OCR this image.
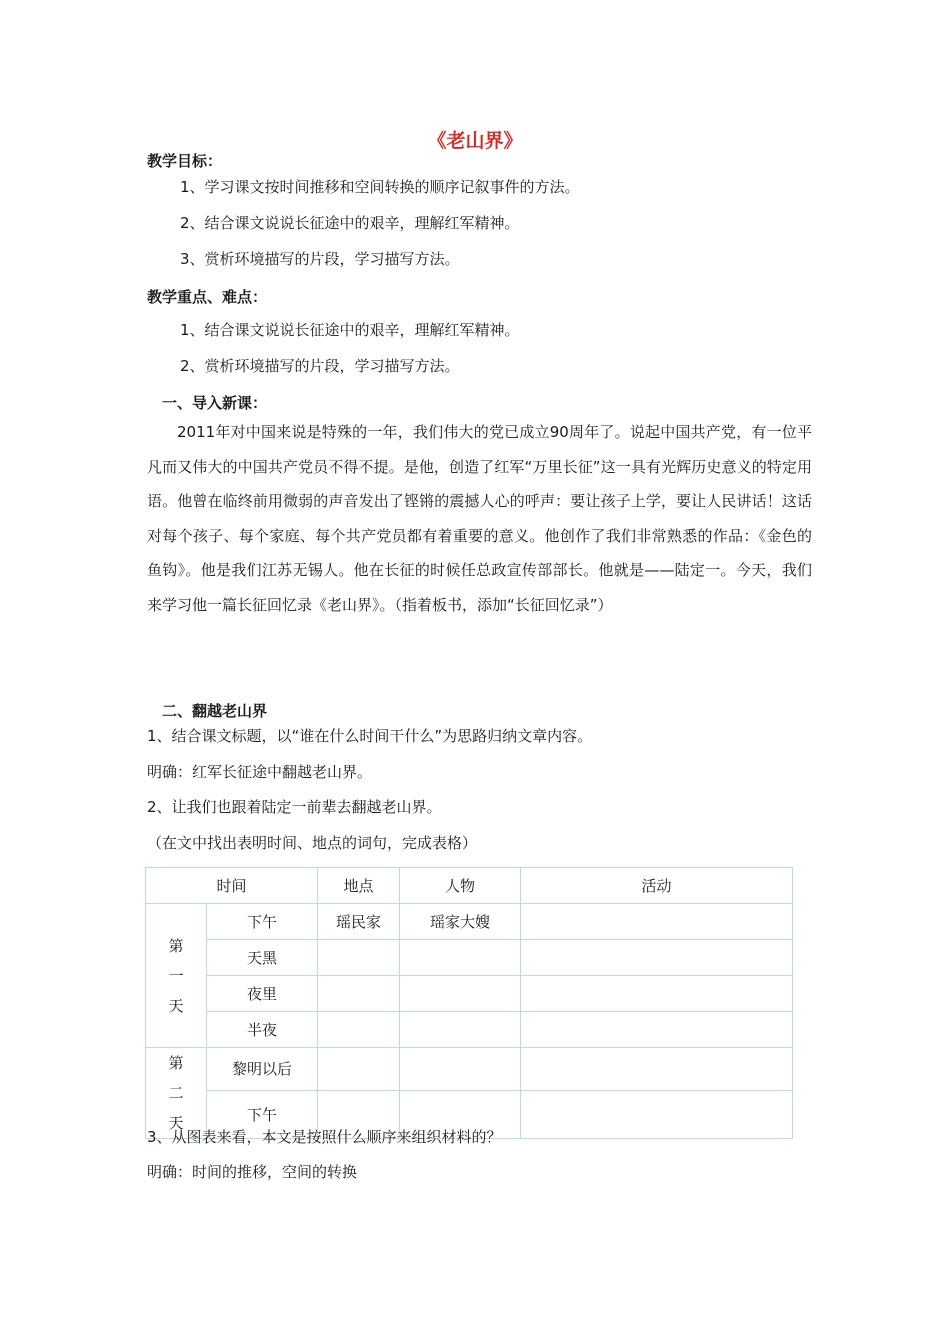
《老山界》
教学目标：
1、学习课文按时间推移和空间转换的顺序记叙事件的方法。
2、结合课文说说长征途中的艰辛，理解红军精神。
3、赏析环境描写的片段，学习描写方法。
教学重点、难点：
1、结合课文说说长征途中的艰辛，理解红军精神。
2、赏析环境描写的片段，学习描写方法。
一、导入新课：
2011年对中国来说是特殊的一年，我们伟大的党已成立90周年了。说起中国共产党，有一位平凡而又伟大的中国共产党员不得不提。是他，创造了红军“万里长征”这一具有光辉历史意义的特定用语。他曾在临终前用微弱的声音发出了铿锵的震撼人心的呼声：要让孩子上学，要让人民讲话！这话对每个孩子、每个家庭、每个共产党员都有着重要的意义。他创作了我们非常熟悉的作品：《金色的鱼钩》。他是我们江苏无锡人。他在长征的时候任总政宣传部部长。他就是——陆定一。今天，我们来学习他一篇长征回忆录《老山界》。（指着板书，添加“长征回忆录”）
二、翻越老山界
1、结合课文标题，以“谁在什么时间干什么”为思路归纳文章内容。
明确：红军长征途中翻越老山界。
2、让我们也跟着陆定一前辈去翻越老山界。
（在文中找出表明时间、地点的词句，完成表格）
时间		地点	人物	活动
第
一
天	下午	瑶民家	瑶家大嫂	
	天黑			
	夜里			
	半夜			
第
二
天	黎明以后			
	下午			
3、从图表来看，本文是按照什么顺序来组织材料的？
明确：时间的推移，空间的转换
